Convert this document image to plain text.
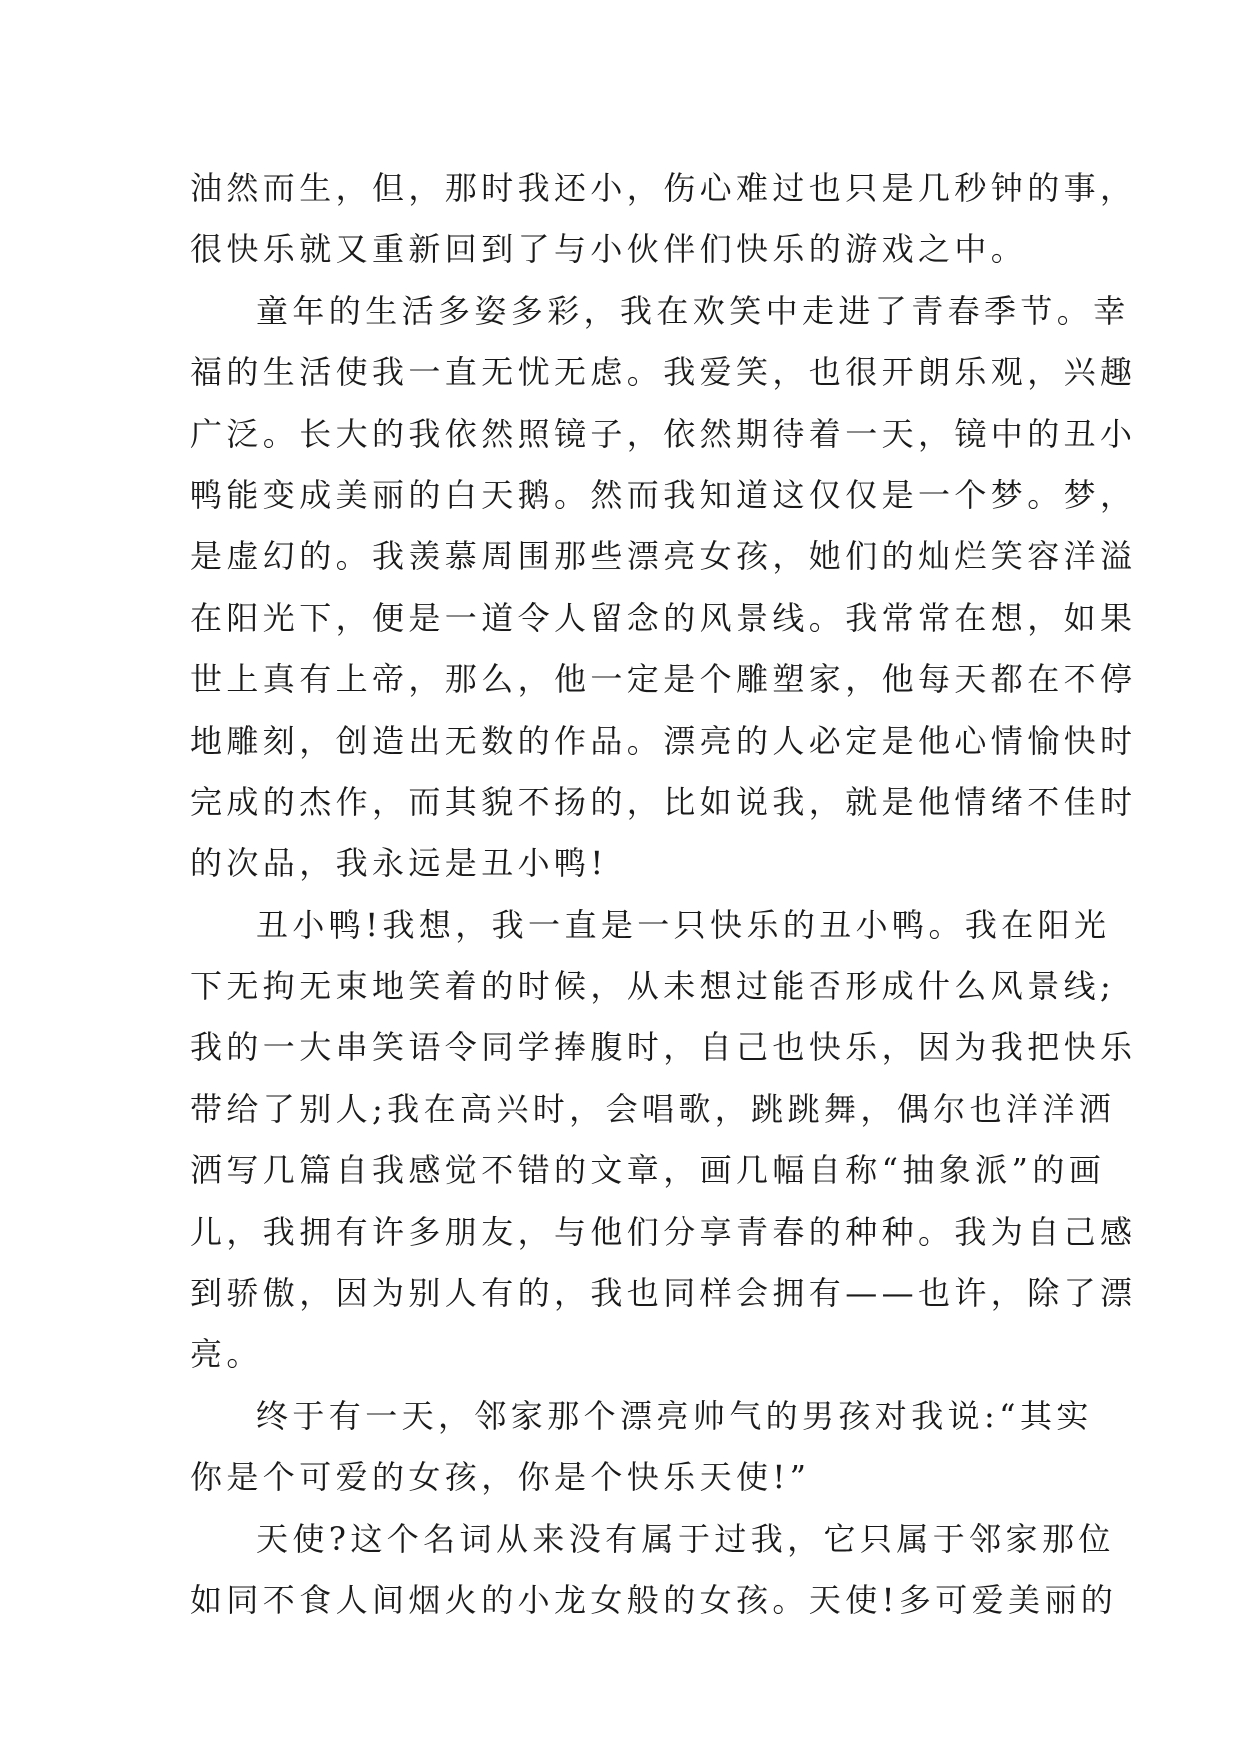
油然而生，但，那时我还小，伤心难过也只是几秒钟的事，
很快乐就又重新回到了与小伙伴们快乐的游戏之中。
童年的生活多姿多彩，我在欢笑中走进了青春季节。幸
福的生活使我一直无忧无虑。我爱笑，也很开朗乐观，兴趣
广泛。长大的我依然照镜子，依然期待着一天，镜中的丑小
鸭能变成美丽的白天鹅。然而我知道这仅仅是一个梦。梦，
是虚幻的。我羡慕周围那些漂亮女孩，她们的灿烂笑容洋溢
在阳光下，便是一道令人留念的风景线。我常常在想，如果
世上真有上帝，那么，他一定是个雕塑家，他每天都在不停
地雕刻，创造出无数的作品。漂亮的人必定是他心情愉快时
完成的杰作，而其貌不扬的，比如说我，就是他情绪不佳时
的次品，我永远是丑小鸭!
丑小鸭!我想，我一直是一只快乐的丑小鸭。我在阳光
下无拘无束地笑着的时候，从未想过能否形成什么风景线;
我的一大串笑语令同学捧腹时，自己也快乐，因为我把快乐
带给了别人;我在高兴时，会唱歌，跳跳舞，偶尔也洋洋洒
洒写几篇自我感觉不错的文章，画几幅自称“抽象派”的画
儿，我拥有许多朋友，与他们分享青春的种种。我为自己感
到骄傲，因为别人有的，我也同样会拥有——也许，除了漂
亮。
终于有一天，邻家那个漂亮帅气的男孩对我说:“其实
你是个可爱的女孩，你是个快乐天使!”
天使?这个名词从来没有属于过我，它只属于邻家那位
如同不食人间烟火的小龙女般的女孩。天使!多可爱美丽的
